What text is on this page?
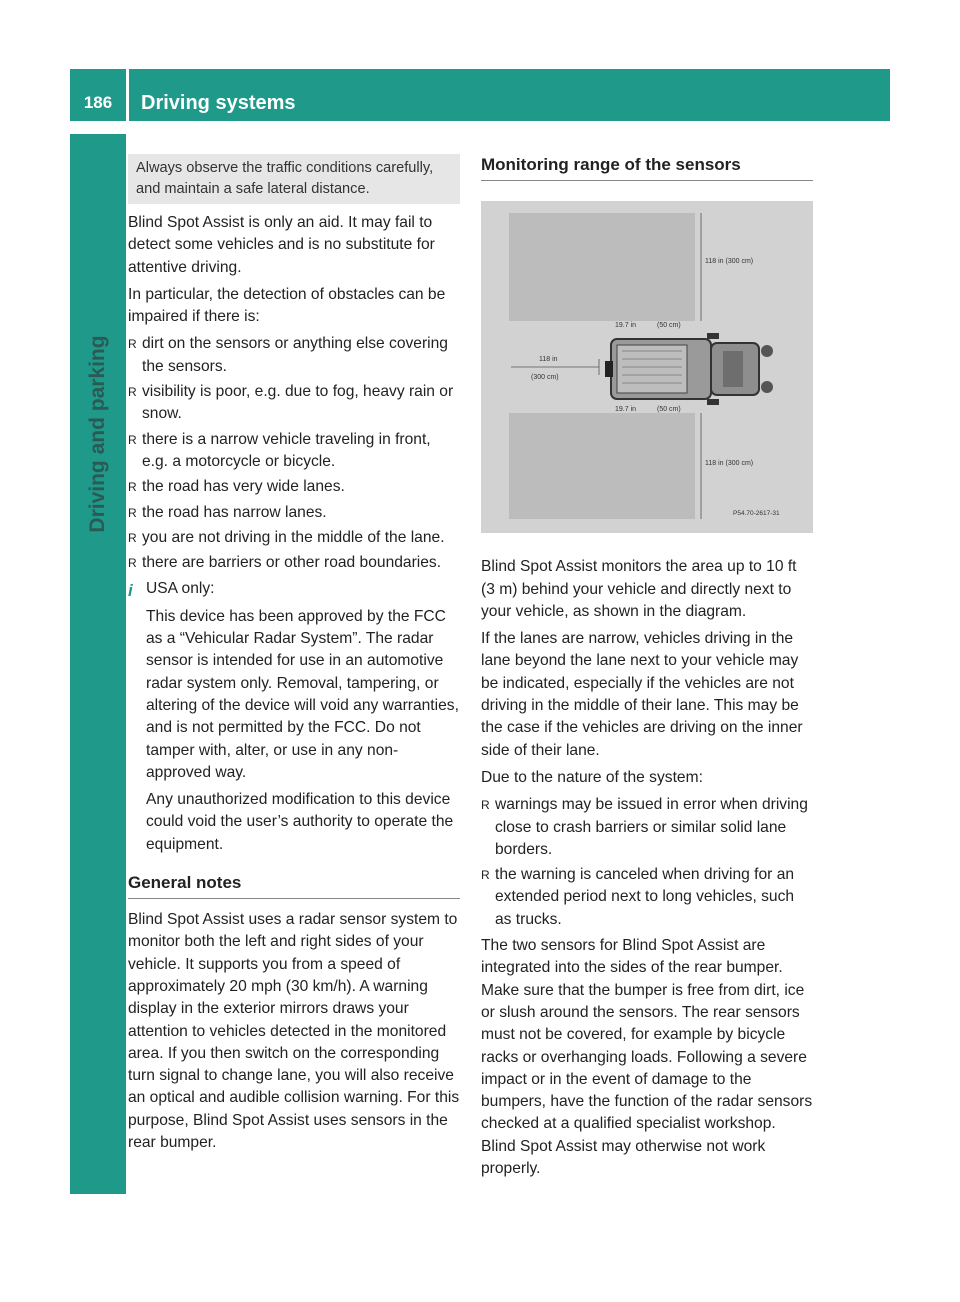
186	Driving systems
Driving and parking
Always observe the traffic conditions carefully, and maintain a safe lateral distance.

Blind Spot Assist is only an aid. It may fail to detect some vehicles and is no substitute for attentive driving.

In particular, the detection of obstacles can be impaired if there is:

R dirt on the sensors or anything else covering the sensors.
R visibility is poor, e.g. due to fog, heavy rain or snow.
R there is a narrow vehicle traveling in front, e.g. a motorcycle or bicycle.
R the road has very wide lanes.
R the road has narrow lanes.
R you are not driving in the middle of the lane.
R there are barriers or other road boundaries.
i USA only:

This device has been approved by the FCC as a “Vehicular Radar System”. The radar sensor is intended for use in an automotive radar system only. Removal, tampering, or altering of the device will void any warranties, and is not permitted by the FCC. Do not tamper with, alter, or use in any non-approved way.

Any unauthorized modification to this device could void the user’s authority to operate the equipment.

General notes

Blind Spot Assist uses a radar sensor system to monitor both the left and right sides of your vehicle. It supports you from a speed of approximately 20 mph (30 km/h). A warning display in the exterior mirrors draws your attention to vehicles detected in the monitored area. If you then switch on the corresponding turn signal to change lane, you will also receive an optical and audible collision warning. For this purpose, Blind Spot Assist uses sensors in the rear bumper.

Monitoring range of the sensors
118 in (300 cm)
118 in (300 cm)
19.7 in	(50 cm)
19.7 in	(50 cm)
118 in
(300 cm)
P54.70-2617-31

Blind Spot Assist monitors the area up to 10 ft (3 m) behind your vehicle and directly next to your vehicle, as shown in the diagram.

If the lanes are narrow, vehicles driving in the lane beyond the lane next to your vehicle may be indicated, especially if the vehicles are not driving in the middle of their lane. This may be the case if the vehicles are driving on the inner side of their lane.

Due to the nature of the system:

R warnings may be issued in error when driving close to crash barriers or similar solid lane borders.
R the warning is canceled when driving for an extended period next to long vehicles, such as trucks.

The two sensors for Blind Spot Assist are integrated into the sides of the rear bumper. Make sure that the bumper is free from dirt, ice or slush around the sensors. The rear sensors must not be covered, for example by bicycle racks or overhanging loads. Following a severe impact or in the event of damage to the bumpers, have the function of the radar sensors checked at a qualified specialist workshop. Blind Spot Assist may otherwise not work properly.
